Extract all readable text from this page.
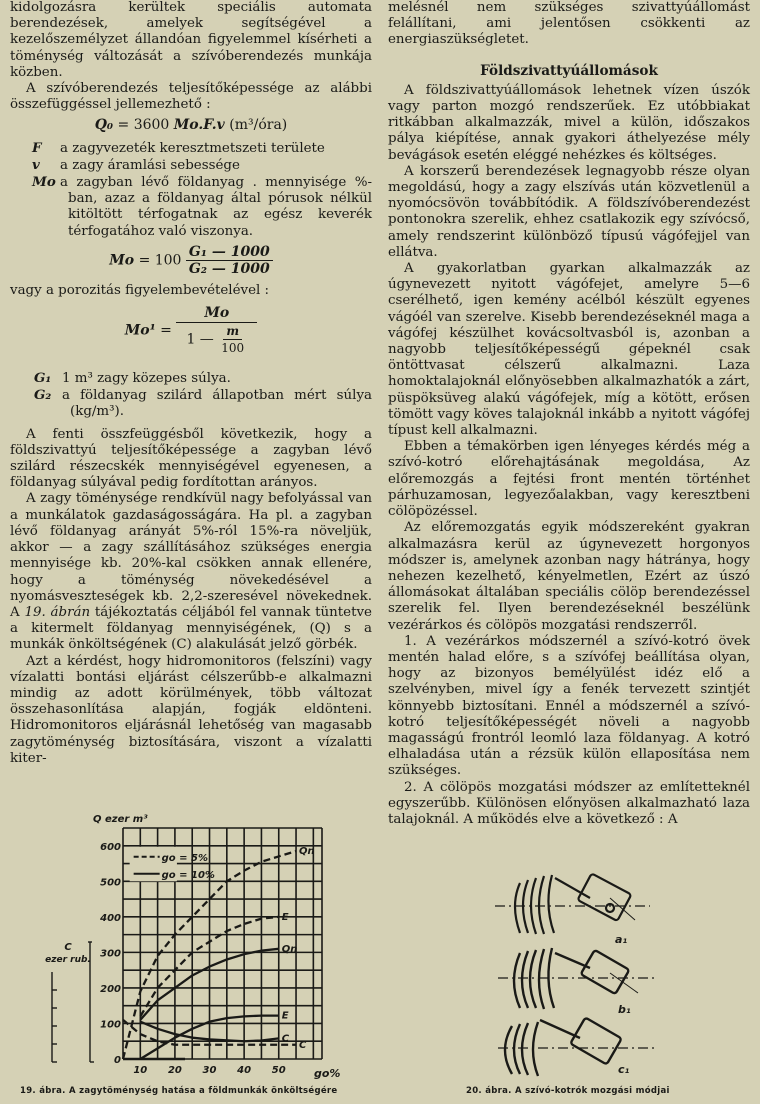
kidolgozásra kerültek speciális automata berendezések, amelyek segítségével a kezelőszemélyzet állandóan figyelemmel kísérheti a töménység változását a szívóberendezés munkája közben.

A szívóberendezés teljesítőképessége az alábbi összefüggéssel jellemezhető :

Q₀ = 3600 Mo.F.v (m³/óra)

F a zagyvezeték keresztmetszeti területe

v a zagy áramlási sebessége

Mo a zagyban lévő földanyag . mennyisége %-ban, azaz a földanyag által pórusok nélkül kitöltött térfogatnak az egész keverék térfogatához való viszonya.

$Mo = 100 \frac{\text{G₁ — 1000}}{\text{G₂ — 1000}}$

vagy a porozitás figyelembevételével :

$Mo^1 = \frac{Mo}{1 — \frac{m}{100}}$

G₁ 1 m³ zagy közepes súlya.

G₂ a földanyag szilárd állapotban mért súlya (kg/m³).

A fenti összfeüggésből következik, hogy a földszivattyú teljesítőképessége a zagyban lévő szilárd részecskék mennyiségével egyenesen, a földanyag súlyával pedig fordítottan arányos.

A zagy töménysége rendkívül nagy befolyással van a munkálatok gazdaságosságára. Ha pl. a zagyban lévő földanyag arányát 5%-ról 15%-ra növeljük, akkor — a zagy szállításához szükséges energia mennyisége kb. 20%-kal csökken annak ellenére, hogy a töménység növekedésével a nyomásveszteségek kb. 2,2-szeresével növekednek. A 19. ábrán tájékoztatás céljából fel vannak tüntetve a kitermelt földanyag mennyiségének, (Q) s a munkák önköltségének (C) alakulását jelző görbék.

Azt a kérdést, hogy hidromonitoros (felszíni) vagy vízalatti bontási eljárást célszerűbb-e alkalmazni mindig az adott körülmények, több változat összehasonlítása alapján, fogják eldönteni. Hidromonitoros eljárásnál lehetőség van magasabb zagytöménység biztosítására, viszont a vízalatti kiter-

0
100
200
300
400
500
600
10 20 30 40 50	go%
Q ezer m³
C
ezer rub.
go = 5%
go = 10%
Qn
E
C
Qn
E
C
19. ábra. A zagytöménység hatása a földmunkák önköltségére

melésnél nem szükséges szivattyúállomást felállítani, ami jelentősen csökkenti az energiaszükségletet.

Földszivattyúállomások

A földszivattyúállomások lehetnek vízen úszók vagy parton mozgó rendszerűek. Ez utóbbiakat ritkábban alkalmazzák, mivel a külön, időszakos pálya kiépítése, annak gyakori áthelyezése mély bevágások esetén eléggé nehézkes és költséges.

A korszerű berendezések legnagyobb része olyan megoldású, hogy a zagy elszívás után közvetlenül a nyomócsövön továbbítódik. A földszívóberendezést pontonokra szerelik, ehhez csatlakozik egy szívócső, amely rendszerint különböző típusú vágófejjel van ellátva.

A gyakorlatban gyarkan alkalmazzák az úgynevezett nyitott vágófejet, amelyre 5—6 cserélhető, igen kemény acélból készült egyenes vágóél van szerelve. Kisebb berendezéseknél maga a vágófej készülhet kovácsoltvasból is, azonban a nagyobb teljesítőképességű gépeknél csak öntöttvasat célszerű alkalmazni. Laza homoktalajoknál előnyösebben alkalmazhatók a zárt, püspöksüveg alakú vágófejek, míg a kötött, erősen tömött vagy köves talajoknál inkább a nyitott vágófej típust kell alkalmazni.

Ebben a témakörben igen lényeges kérdés még a szívó-kotró előrehajtásának megoldása, Az előremozgás a fejtési front mentén történhet párhuzamosan, legyezőalakban, vagy keresztbeni cölöpözéssel.

Az előremozgatás egyik módszereként gyakran alkalmazásra kerül az úgynevezett horgonyos módszer is, amelynek azonban nagy hátránya, hogy nehezen kezelhető, kényelmetlen, Ezért az úszó állomásokat általában speciális cölöp berendezéssel szerelik fel. Ilyen berendezéseknél beszélünk vezérárkos és cölöpös mozgatási rendszerről.

1. A vezérárkos módszernél a szívó-kotró övek mentén halad előre, s a szívófej beállítása olyan, hogy az bizonyos bemélyülést idéz elő a szelvényben, mivel így a fenék tervezett szintjét könnyebb biztosítani. Ennél a módszernél a szívó-kotró teljesítőképességét növeli a nagyobb magasságú frontról leomló laza földanyag. A kotró elhaladása után a rézsük külön ellaposítása nem szükséges.

2. A cölöpös mozgatási módszer az említetteknél egyszerűbb. Különösen előnyösen alkalmazható laza talajoknál. A működés elve a következő : A

a₁
b₁
c₁
20. ábra. A szívó-kotrók mozgási módjai
